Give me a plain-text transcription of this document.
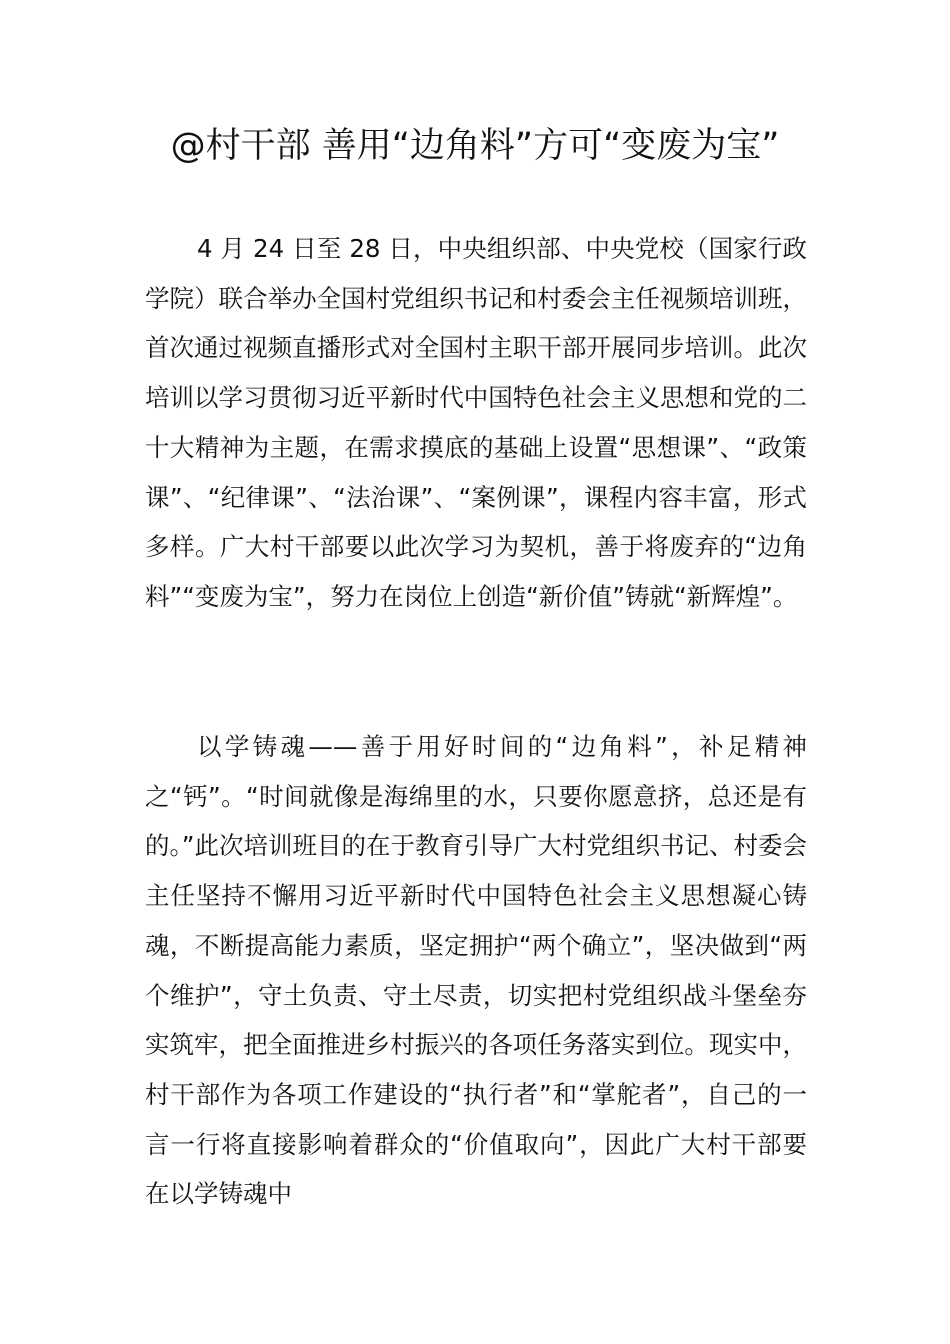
@村干部 善用“边角料”方可“变废为宝”

4 月 24 日至 28 日，中央组织部、中央党校（国家行政学院）联合举办全国村党组织书记和村委会主任视频培训班，首次通过视频直播形式对全国村主职干部开展同步培训。此次培训以学习贯彻习近平新时代中国特色社会主义思想和党的二十大精神为主题，在需求摸底的基础上设置“思想课”、“政策课”、“纪律课”、“法治课”、“案例课”，课程内容丰富，形式多样。广大村干部要以此次学习为契机，善于将废弃的“边角料”“变废为宝”，努力在岗位上创造“新价值”铸就“新辉煌”。

以学铸魂——善于用好时间的“边角料”，补足精神之“钙”。“时间就像是海绵里的水，只要你愿意挤，总还是有的。”此次培训班目的在于教育引导广大村党组织书记、村委会主任坚持不懈用习近平新时代中国特色社会主义思想凝心铸魂，不断提高能力素质，坚定拥护“两个确立”，坚决做到“两个维护”，守土负责、守土尽责，切实把村党组织战斗堡垒夯实筑牢，把全面推进乡村振兴的各项任务落实到位。现实中，村干部作为各项工作建设的“执行者”和“掌舵者”，自己的一言一行将直接影响着群众的“价值取向”，因此广大村干部要在以学铸魂中
